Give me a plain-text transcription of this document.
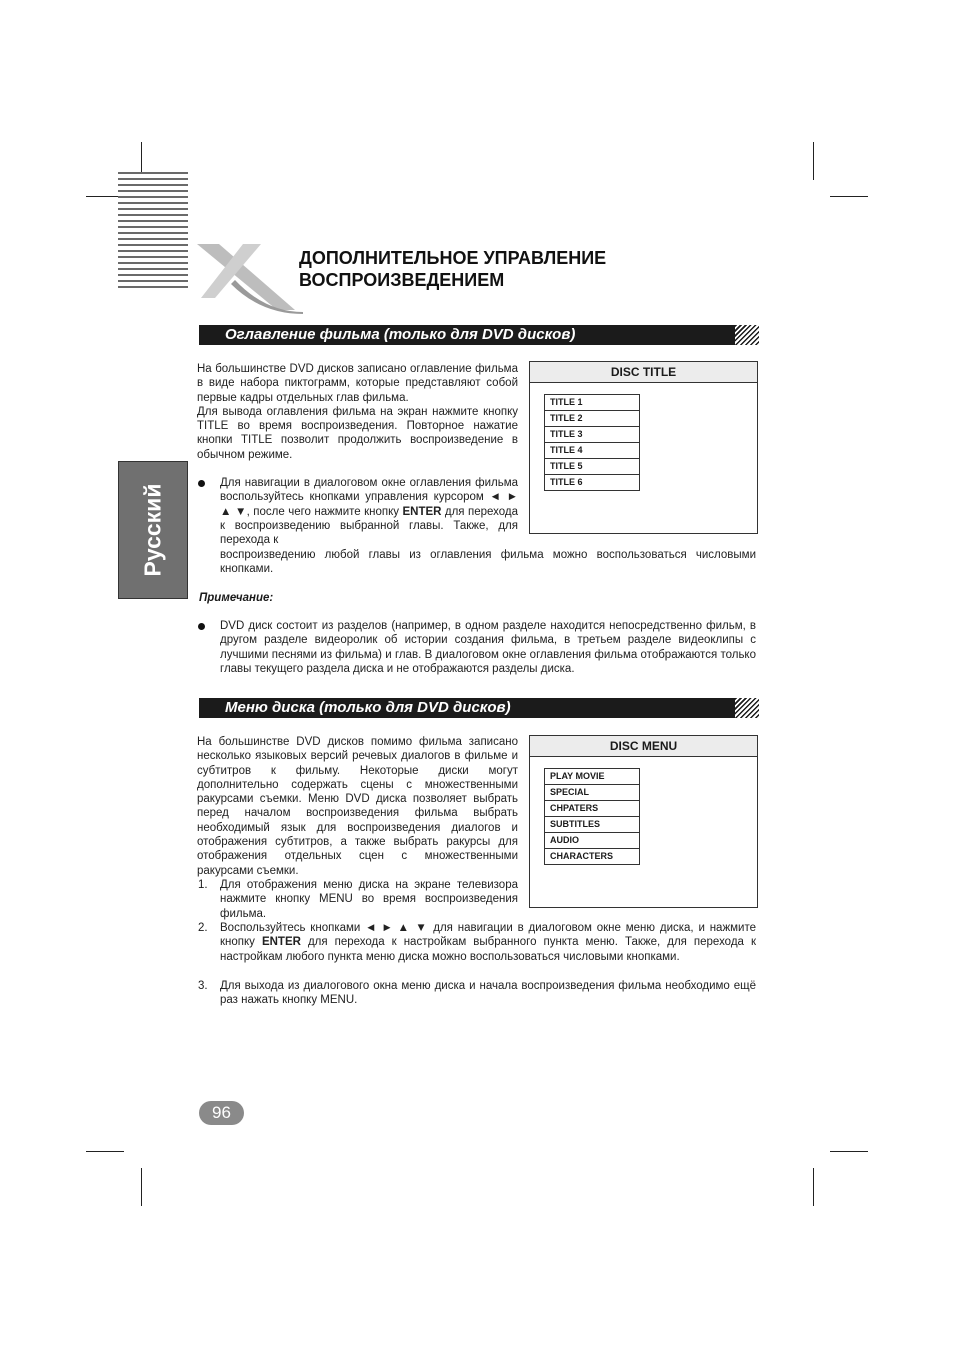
ДОПОЛНИТЕЛЬНОЕ УПРАВЛЕНИЕ
ВОСПРОИЗВЕДЕНИЕМ
Русский
Оглавление фильма (только для DVD дисков)

На большинстве DVD дисков записано оглавление фильма в виде набора пиктограмм, которые представляют собой первые кадры отдельных глав фильма.

Для вывода оглавления фильма на экран нажмите кнопку TITLE во время воспроизведения. Повторное нажатие кнопки TITLE позволит продолжить воспроизведение в обычном режиме.

Для навигации в диалоговом окне оглавления фильма воспользуйтесь кнопками управления курсором ◄ ► ▲ ▼, после чего нажмите кнопку ENTER для перехода к воспроизведению выбранной главы. Также, для перехода к
воспроизведению любой главы из оглавления фильма можно воспользоваться числовыми кнопками.
DISC TITLE
TITLE 1
TITLE 2
TITLE 3
TITLE 4
TITLE 5
TITLE 6
Примечание:
DVD диск состоит из разделов (например, в одном разделе находится непосредственно фильм, в другом разделе видеоролик об истории создания фильма, в третьем разделе видеоклипы с лучшими песнями из фильма) и глав. В диалоговом окне оглавления фильма отображаются только главы текущего раздела диска и не отображаются разделы диска.
Меню диска (только для DVD дисков)

На большинстве DVD дисков помимо фильма записано несколько языковых версий речевых диалогов в фильме и субтитров к фильму. Некоторые диски могут дополнительно содержать сцены с множественными ракурсами съемки. Меню DVD диска позволяет выбрать перед началом воспроизведения фильма выбрать необходимый язык для воспроизведения диалогов и отображения субтитров, а также выбрать ракурсы для отображения отдельных сцен с множественными ракурсами съемки.

1. Для отображения меню диска на экране телевизора нажмите кнопку MENU во время воспроизведения фильма.
2. Воспользуйтесь кнопками ◄ ► ▲ ▼ для навигации в диалоговом окне меню диска, и нажмите кнопку ENTER для перехода к настройкам выбранного пункта меню. Также, для перехода к настройкам любого пункта меню диска можно воспользоваться числовыми кнопками.
3. Для выхода из диалогового окна меню диска и начала воспроизведения фильма необходимо ещё раз нажать кнопку MENU.
DISC MENU
PLAY MOVIE
SPECIAL
CHPATERS
SUBTITLES
AUDIO
CHARACTERS
96
